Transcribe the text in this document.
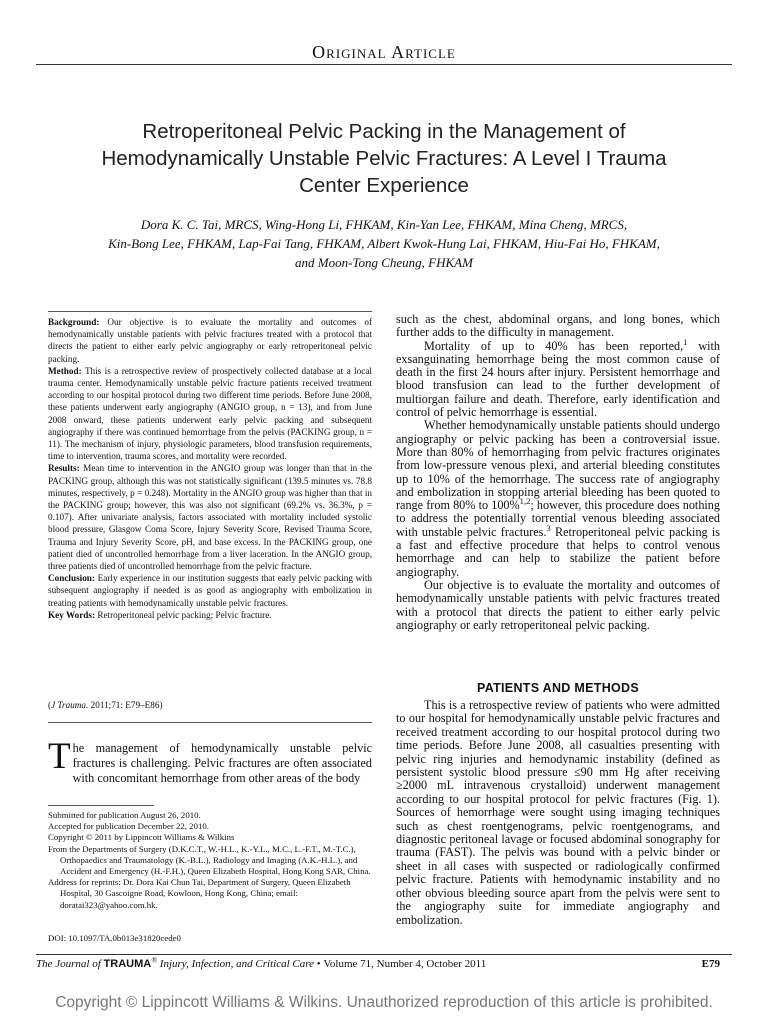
Original Article
Retroperitoneal Pelvic Packing in the Management of Hemodynamically Unstable Pelvic Fractures: A Level I Trauma Center Experience
Dora K. C. Tai, MRCS, Wing-Hong Li, FHKAM, Kin-Yan Lee, FHKAM, Mina Cheng, MRCS,
Kin-Bong Lee, FHKAM, Lap-Fai Tang, FHKAM, Albert Kwok-Hung Lai, FHKAM, Hiu-Fai Ho, FHKAM,
and Moon-Tong Cheung, FHKAM

Background: Our objective is to evaluate the mortality and outcomes of hemodynamically unstable patients with pelvic fractures treated with a protocol that directs the patient to either early pelvic angiography or early retroperitoneal pelvic packing.

Method: This is a retrospective review of prospectively collected database at a local trauma center. Hemodynamically unstable pelvic fracture patients received treatment according to our hospital protocol during two different time periods. Before June 2008, these patients underwent early angiography (ANGIO group, n = 13), and from June 2008 onward, these patients underwent early pelvic packing and subsequent angiography if there was continued hemorrhage from the pelvis (PACKING group, n = 11). The mechanism of injury, physiologic parameters, blood transfusion requirements, time to intervention, trauma scores, and mortality were recorded.

Results: Mean time to intervention in the ANGIO group was longer than that in the PACKING group, although this was not statistically significant (139.5 minutes vs. 78.8 minutes, respectively, p = 0.248). Mortality in the ANGIO group was higher than that in the PACKING group; however, this was also not significant (69.2% vs. 36.3%, p = 0.107). After univariate analysis, factors associated with mortality included systolic blood pressure, Glasgow Coma Score, Injury Severity Score, Revised Trauma Score, Trauma and Injury Severity Score, pH, and base excess. In the PACKING group, one patient died of uncontrolled hemorrhage from a liver laceration. In the ANGIO group, three patients died of uncontrolled hemorrhage from the pelvic fracture.

Conclusion: Early experience in our institution suggests that early pelvic packing with subsequent angiography if needed is as good as angiography with embolization in treating patients with hemodynamically unstable pelvic fractures.

Key Words: Retroperitoneal pelvic packing; Pelvic fracture.

(J Trauma. 2011;71: E79–E86)
The management of hemodynamically unstable pelvic fractures is challenging. Pelvic fractures are often associated with concomitant hemorrhage from other areas of the body
Submitted for publication August 26, 2010.
Accepted for publication December 22, 2010.
Copyright © 2011 by Lippincott Williams & Wilkins
From the Departments of Surgery (D.K.C.T., W.-H.L., K.-Y.L., M.C., L.-F.T., M.-T.C.), Orthopaedics and Traumatology (K.-B.L.), Radiology and Imaging (A.K.-H.L.), and Accident and Emergency (H.-F.H.), Queen Elizabeth Hospital, Hong Kong SAR, China.
Address for reprints: Dr. Dora Kai Chun Tai, Department of Surgery, Queen Elizabeth Hospital, 30 Gascoigne Road, Kowloon, Hong Kong, China; email: doratai323@yahoo.com.hk.
DOI: 10.1097/TA.0b013e31820cede0

such as the chest, abdominal organs, and long bones, which further adds to the difficulty in management.

Mortality of up to 40% has been reported,$^1$ with exsanguinating hemorrhage being the most common cause of death in the first 24 hours after injury. Persistent hemorrhage and blood transfusion can lead to the further development of multiorgan failure and death. Therefore, early identification and control of pelvic hemorrhage is essential.

Whether hemodynamically unstable patients should undergo angiography or pelvic packing has been a controversial issue. More than 80% of hemorrhaging from pelvic fractures originates from low-pressure venous plexi, and arterial bleeding constitutes up to 10% of the hemorrhage. The success rate of angiography and embolization in stopping arterial bleeding has been quoted to range from 80% to 100%$^{1,2}$; however, this procedure does nothing to address the potentially torrential venous bleeding associated with unstable pelvic fractures.$^3$ Retroperitoneal pelvic packing is a fast and effective procedure that helps to control venous hemorrhage and can help to stabilize the patient before angiography.

Our objective is to evaluate the mortality and outcomes of hemodynamically unstable patients with pelvic fractures treated with a protocol that directs the patient to either early pelvic angiography or early retroperitoneal pelvic packing.

PATIENTS AND METHODS
This is a retrospective review of patients who were admitted to our hospital for hemodynamically unstable pelvic fractures and received treatment according to our hospital protocol during two time periods. Before June 2008, all casualties presenting with pelvic ring injuries and hemodynamic instability (defined as persistent systolic blood pressure ≤90 mm Hg after receiving ≥2000 mL intravenous crystalloid) underwent management according to our hospital protocol for pelvic fractures (Fig. 1). Sources of hemorrhage were sought using imaging techniques such as chest roentgenograms, pelvic roentgenograms, and diagnostic peritoneal lavage or focused abdominal sonography for trauma (FAST). The pelvis was bound with a pelvic binder or sheet in all cases with suspected or radiologically confirmed pelvic fracture. Patients with hemodynamic instability and no other obvious bleeding source apart from the pelvis were sent to the angiography suite for immediate angiography and embolization.
The Journal of TRAUMA® Injury, Infection, and Critical Care • Volume 71, Number 4, October 2011	E79
Copyright © Lippincott Williams & Wilkins. Unauthorized reproduction of this article is prohibited.
